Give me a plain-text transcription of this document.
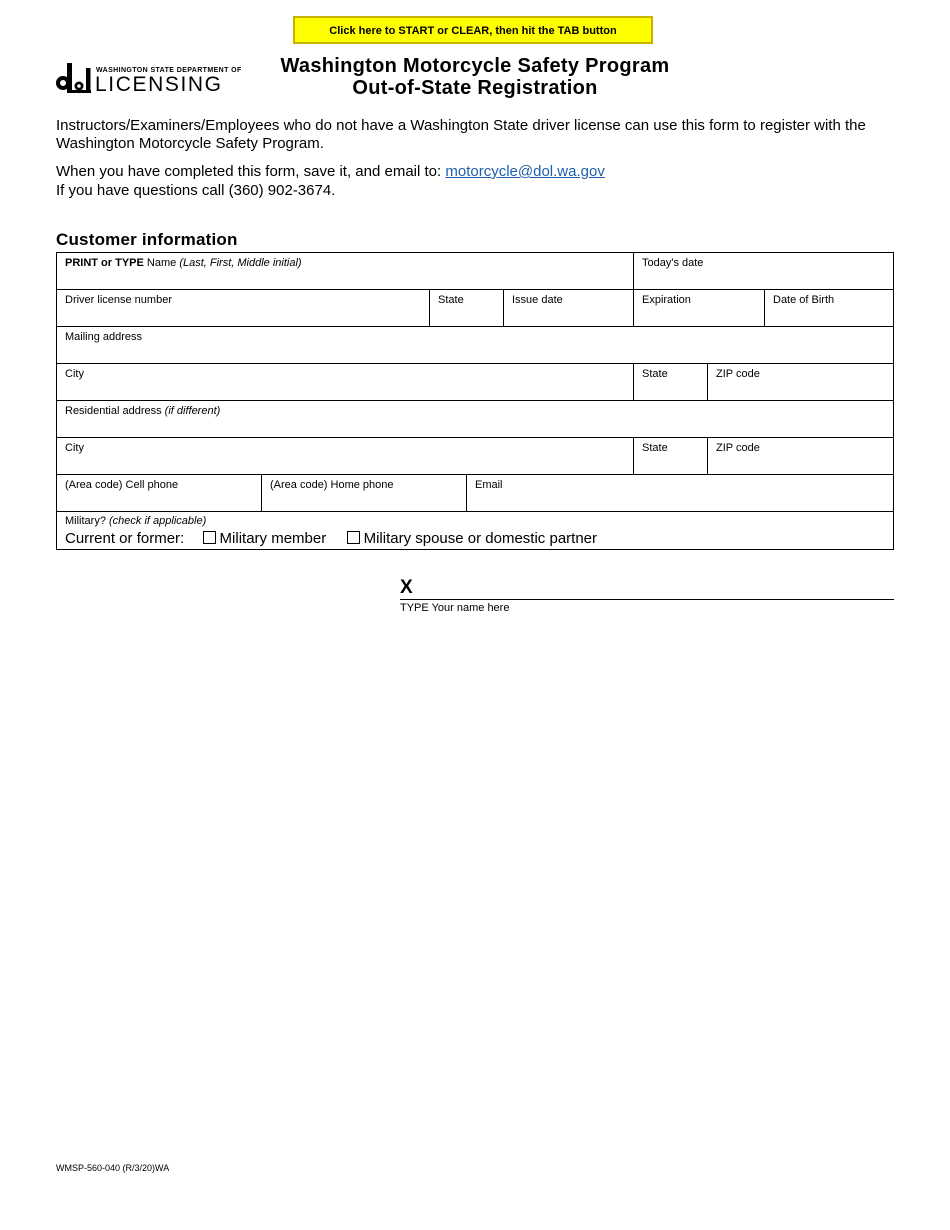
Click here to START or CLEAR, then hit the TAB button
WASHINGTON STATE DEPARTMENT OF
LICENSING
Washington Motorcycle Safety Program
Out-of-State Registration
Instructors/Examiners/Employees who do not have a Washington State driver license can use this form to register with the Washington Motorcycle Safety Program.
When you have completed this form, save it, and email to: motorcycle@dol.wa.gov
If you have questions call (360) 902-3674.
Customer information
PRINT or TYPE Name (Last, First, Middle initial)	Today's date
Driver license number	State	Issue date	Expiration	Date of Birth
Mailing address
City	State	ZIP code
Residential address (if different)
City	State	ZIP code
(Area code) Cell phone	(Area code) Home phone	Email
Military? (check if applicable)
Current or former: Military member Military spouse or domestic partner
X
TYPE Your name here
WMSP-560-040 (R/3/20)WA
